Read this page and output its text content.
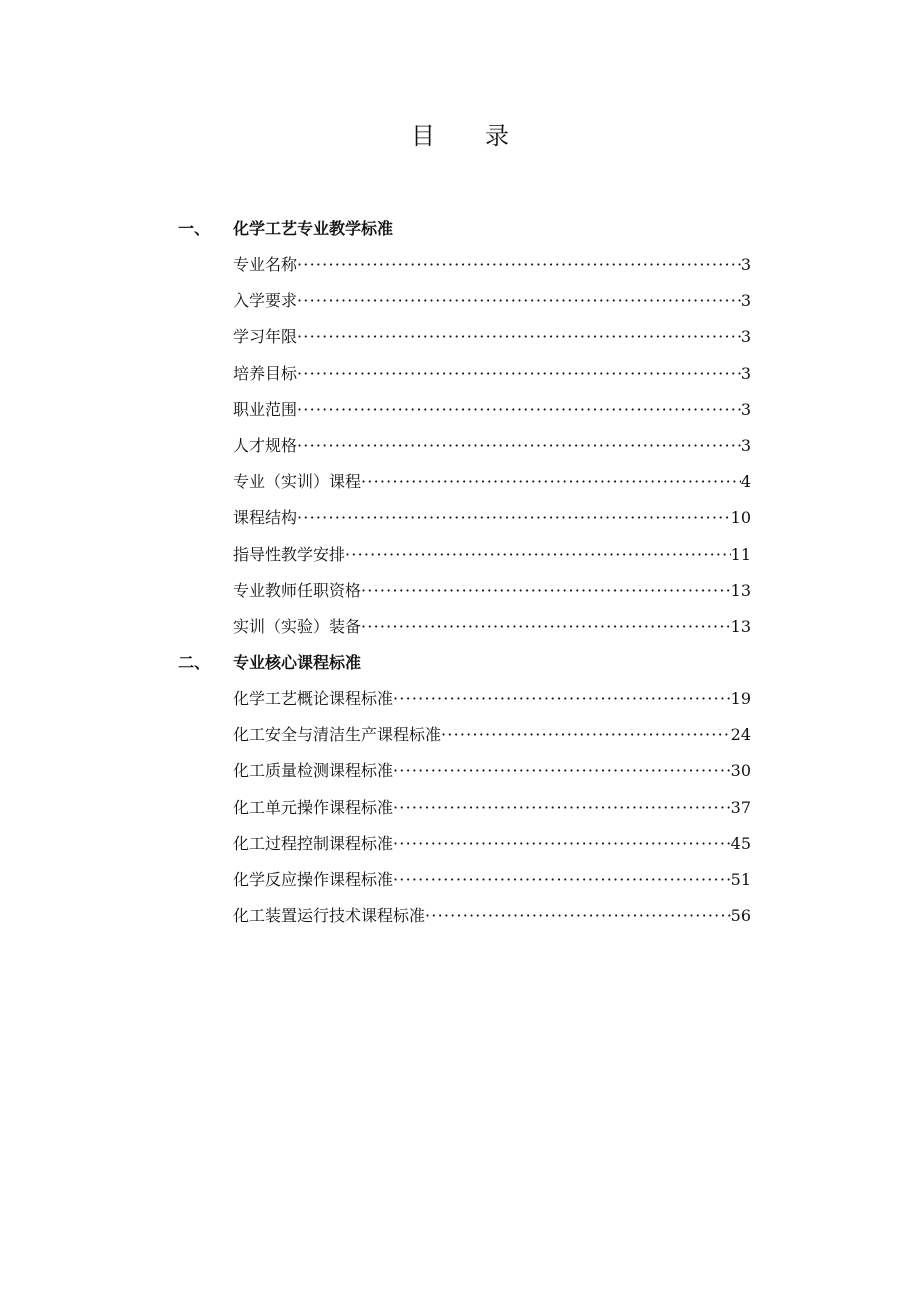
目 录
一、	化学工艺专业教学标准
专业名称 ·····	3
入学要求 ·····	3
学习年限 ·····	3
培养目标 ·····	3
职业范围 ·····	3
人才规格 ·····	3
专业（实训）课程 ·····	4
课程结构 ·····	10
指导性教学安排 ·····	11
专业教师任职资格 ·····	13
实训（实验）装备 ·····	13
二、	专业核心课程标准
化学工艺概论课程标准 ·····	19
化工安全与清洁生产课程标准 ·····	24
化工质量检测课程标准 ·····	30
化工单元操作课程标准 ·····	37
化工过程控制课程标准 ·····	45
化学反应操作课程标准 ·····	51
化工装置运行技术课程标准 ·····	56
